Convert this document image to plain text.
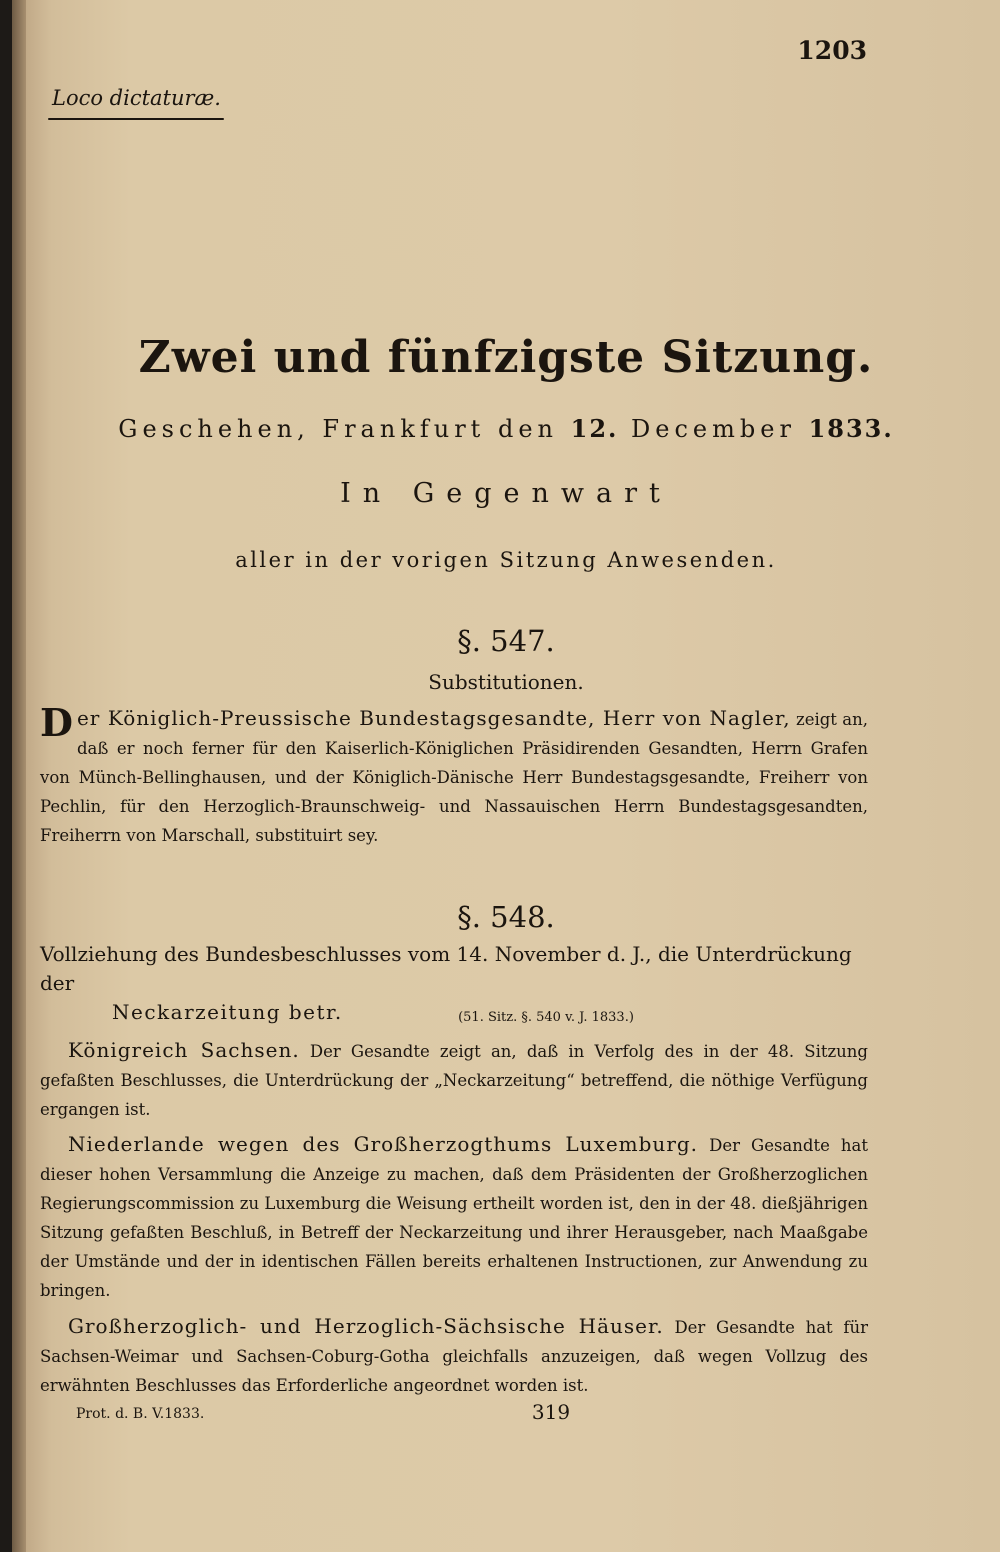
1203
Loco dictaturæ.
Zwei und fünfzigste Sitzung.
Geschehen, Frankfurt den 12. December 1833.
In Gegenwart
aller in der vorigen Sitzung Anwesenden.
§. 547.
Substitutionen.
D er Königlich-Preussische Bundestagsgesandte, Herr von Nagler, zeigt an, daß er noch ferner für den Kaiserlich-Königlichen Präsidirenden Gesandten, Herrn Grafen von Münch-Bellinghausen, und der Königlich-Dänische Herr Bundestagsgesandte, Freiherr von Pechlin, für den Herzoglich-Braunschweig- und Nassauischen Herrn Bundestagsgesandten, Freiherrn von Marschall, substituirt sey.
§. 548.
Vollziehung des Bundesbeschlusses vom 14. November d. J., die Unterdrückung der
Neckarzeitung betr.	(51. Sitz. §. 540 v. J. 1833.)
Königreich Sachsen. Der Gesandte zeigt an, daß in Verfolg des in der 48. Sitzung gefaßten Beschlusses, die Unterdrückung der „Neckarzeitung“ betreffend, die nöthige Verfügung ergangen ist.
Niederlande wegen des Großherzogthums Luxemburg. Der Gesandte hat dieser hohen Versammlung die Anzeige zu machen, daß dem Präsidenten der Großherzoglichen Regierungscommission zu Luxemburg die Weisung ertheilt worden ist, den in der 48. dießjährigen Sitzung gefaßten Beschluß, in Betreff der Neckarzeitung und ihrer Herausgeber, nach Maaßgabe der Umstände und der in identischen Fällen bereits erhaltenen Instructionen, zur Anwendung zu bringen.
Großherzoglich- und Herzoglich-Sächsische Häuser. Der Gesandte hat für Sachsen-Weimar und Sachsen-Coburg-Gotha gleichfalls anzuzeigen, daß wegen Vollzug des erwähnten Beschlusses das Erforderliche angeordnet worden ist.
Prot. d. B. V.1833.	319
